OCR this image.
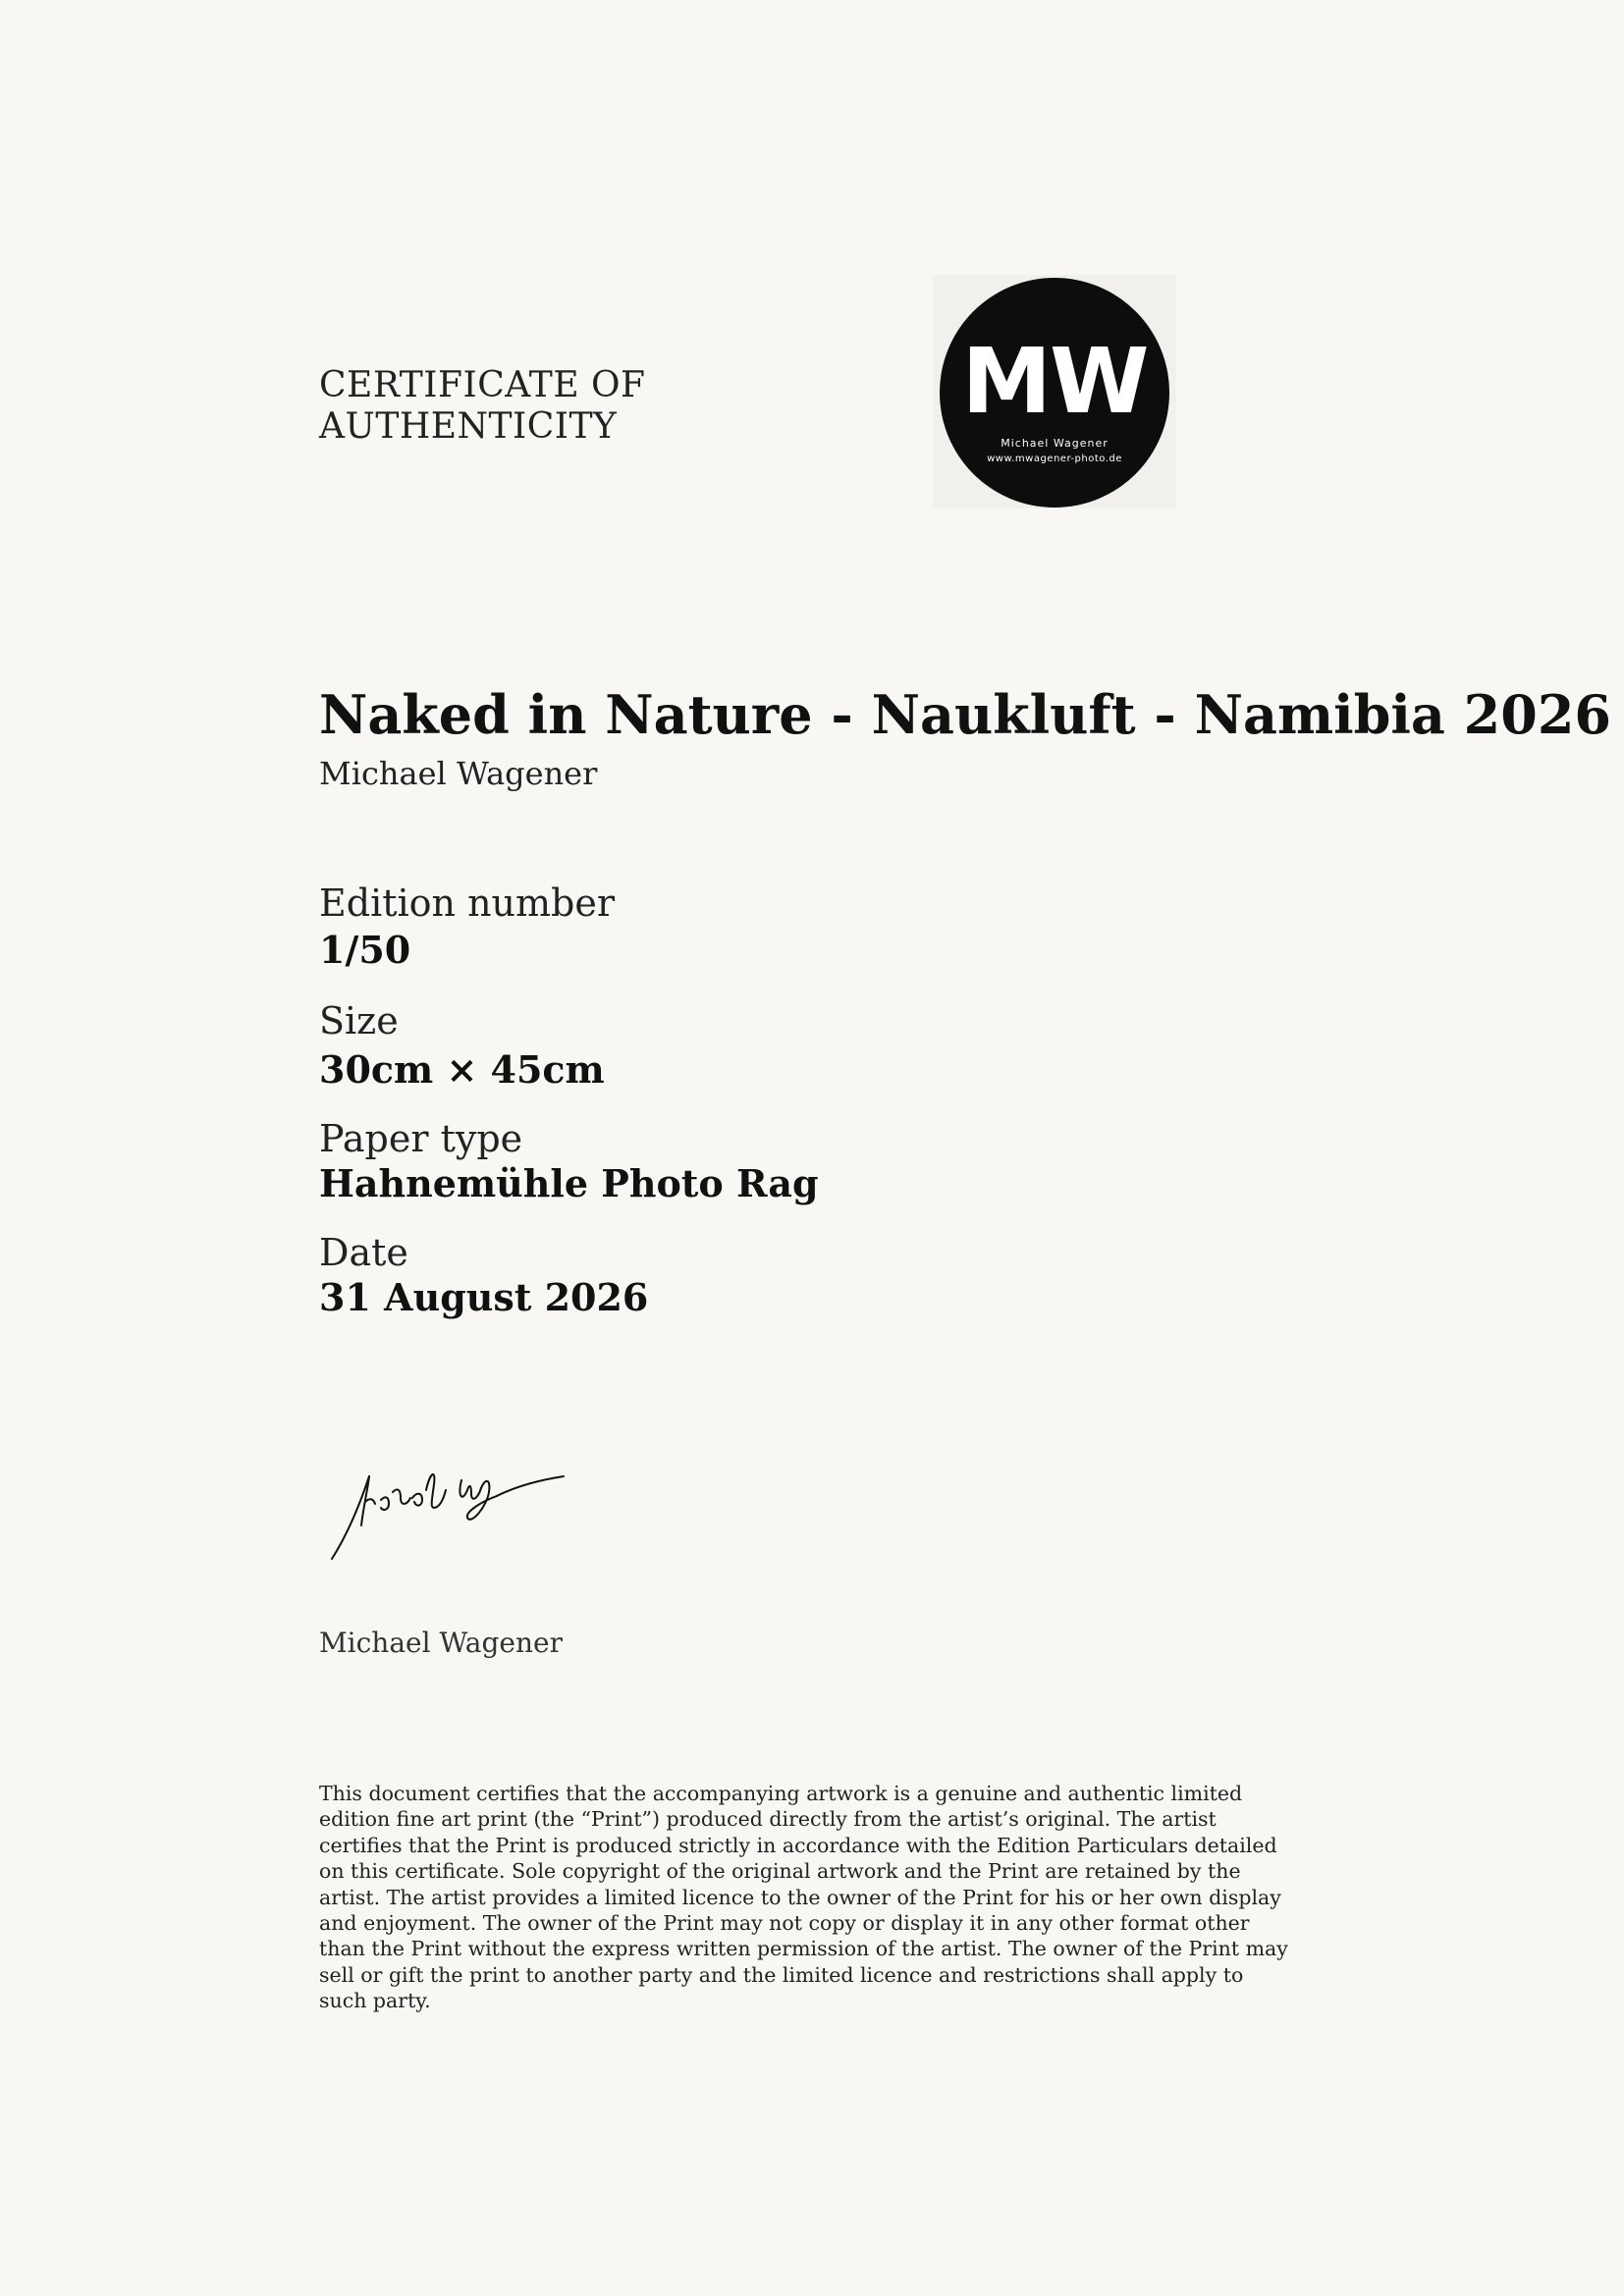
CERTIFICATE OF
AUTHENTICITY	MW
Michael Wagener
www.mwagener-photo.de
Naked in Nature - Naukluft - Namibia 2026
Michael Wagener
Edition number
1/50
Size
30cm × 45cm
Paper type
Hahnemühle Photo Rag
Date
31 August 2026
Michael Wagener
This document certifies that the accompanying artwork is a genuine and authentic limited edition fine art print (the “Print”) produced directly from the artist’s original. The artist certifies that the Print is produced strictly in accordance with the Edition Particulars detailed on this certificate. Sole copyright of the original artwork and the Print are retained by the artist. The artist provides a limited licence to the owner of the Print for his or her own display and enjoyment. The owner of the Print may not copy or display it in any other format other than the Print without the express written permission of the artist. The owner of the Print may sell or gift the print to another party and the limited licence and restrictions shall apply to such party.
